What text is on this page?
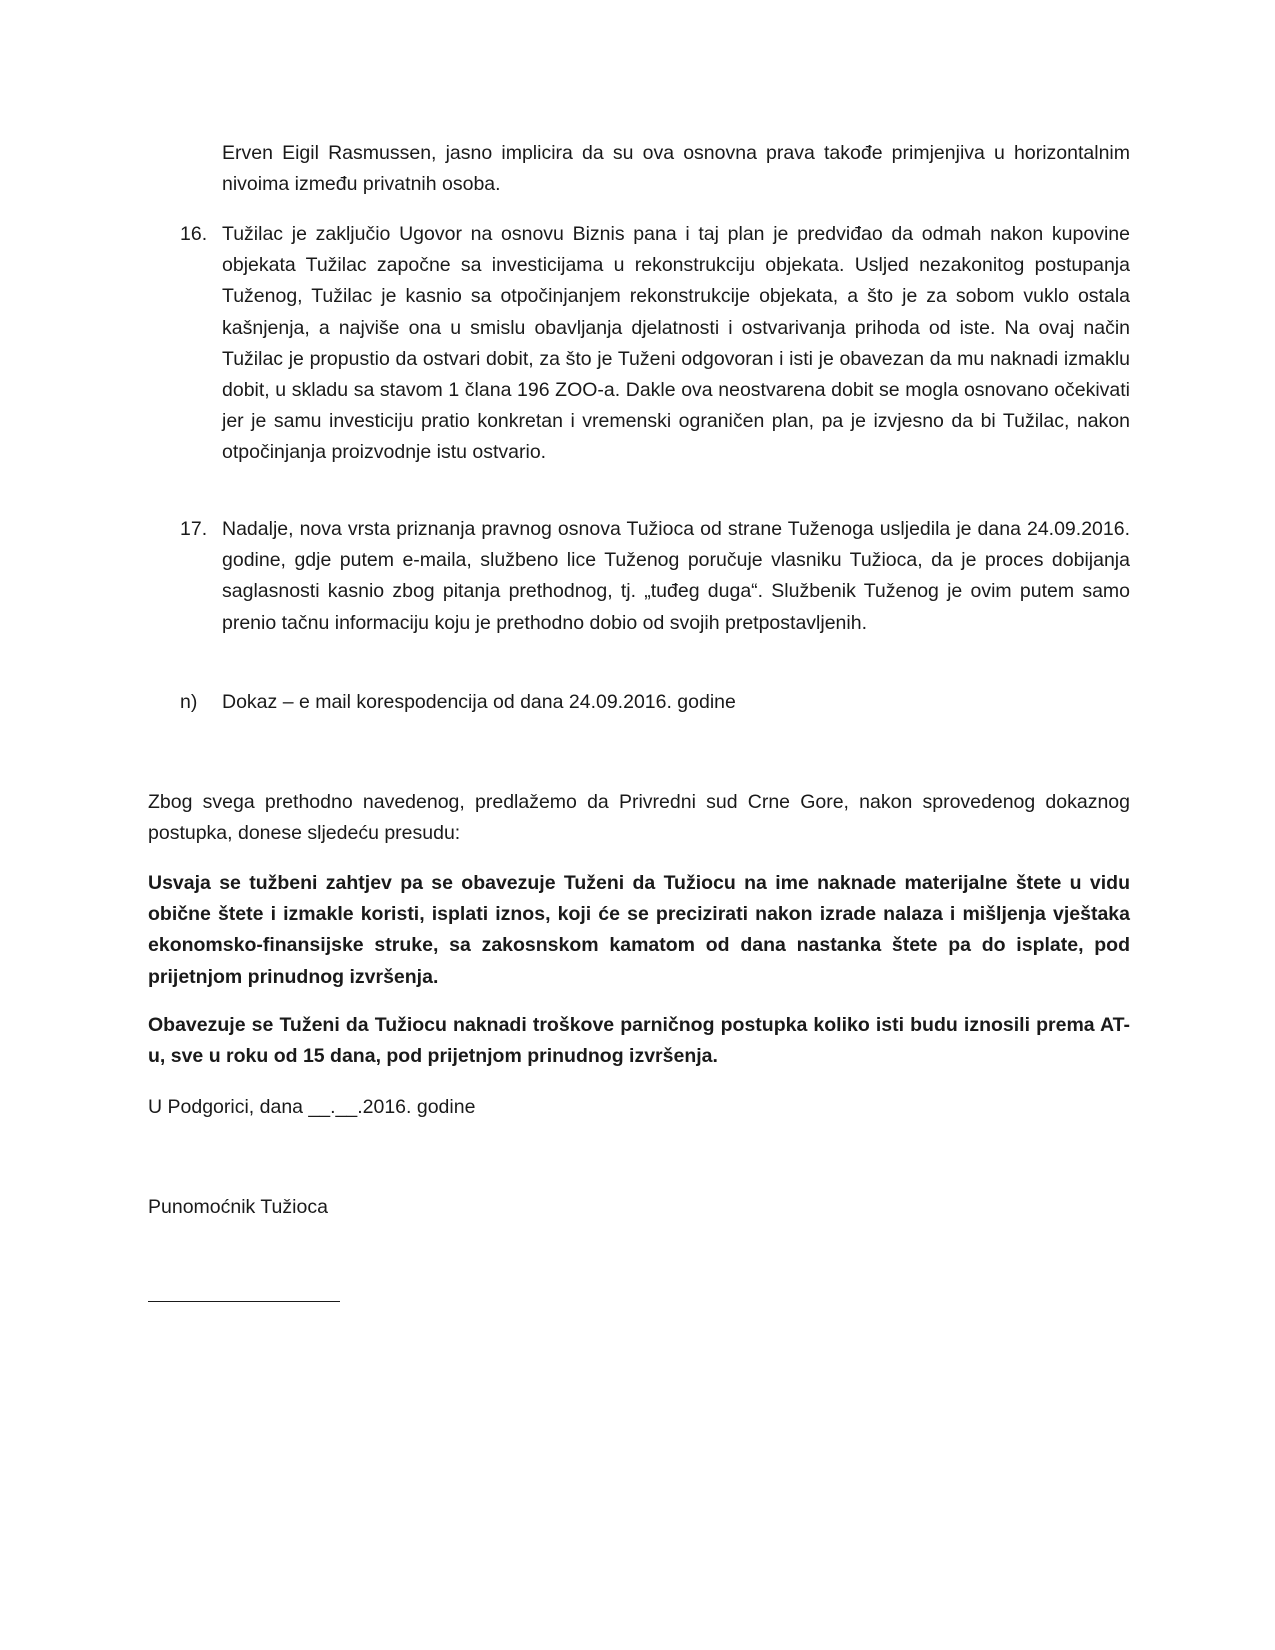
Erven Eigil Rasmussen, jasno implicira da su ova osnovna prava takođe primjenjiva u horizontalnim nivoima između privatnih osoba.

16. Tužilac je zaključio Ugovor na osnovu Biznis pana i taj plan je predviđao da odmah nakon kupovine objekata Tužilac započne sa investicijama u rekonstrukciju objekata. Usljed nezakonitog postupanja Tuženog, Tužilac je kasnio sa otpočinjanjem rekonstrukcije objekata, a što je za sobom vuklo ostala kašnjenja, a najviše ona u smislu obavljanja djelatnosti i ostvarivanja prihoda od iste. Na ovaj način Tužilac je propustio da ostvari dobit, za što je Tuženi odgovoran i isti je obavezan da mu naknadi izmaklu dobit, u skladu sa stavom 1 člana 196 ZOO-a. Dakle ova neostvarena dobit se mogla osnovano očekivati jer je samu investiciju pratio konkretan i vremenski ograničen plan, pa je izvjesno da bi Tužilac, nakon otpočinjanja proizvodnje istu ostvario.
17. Nadalje, nova vrsta priznanja pravnog osnova Tužioca od strane Tuženoga usljedila je dana 24.09.2016. godine, gdje putem e-maila, službeno lice Tuženog poručuje vlasniku Tužioca, da je proces dobijanja saglasnosti kasnio zbog pitanja prethodnog, tj. „tuđeg duga“. Službenik Tuženog je ovim putem samo prenio tačnu informaciju koju je prethodno dobio od svojih pretpostavljenih.
n)	Dokaz – e mail korespodencija od dana 24.09.2016. godine

Zbog svega prethodno navedenog, predlažemo da Privredni sud Crne Gore, nakon sprovedenog dokaznog postupka, donese sljedeću presudu:

Usvaja se tužbeni zahtjev pa se obavezuje Tuženi da Tužiocu na ime naknade materijalne štete u vidu obične štete i izmakle koristi, isplati iznos, koji će se precizirati nakon izrade nalaza i mišljenja vještaka ekonomsko-finansijske struke, sa zakosnskom kamatom od dana nastanka štete pa do isplate, pod prijetnjom prinudnog izvršenja.

Obavezuje se Tuženi da Tužiocu naknadi troškove parničnog postupka koliko isti budu iznosili prema AT-u, sve u roku od 15 dana, pod prijetnjom prinudnog izvršenja.

U Podgorici, dana __.__.2016. godine

Punomoćnik Tužioca
